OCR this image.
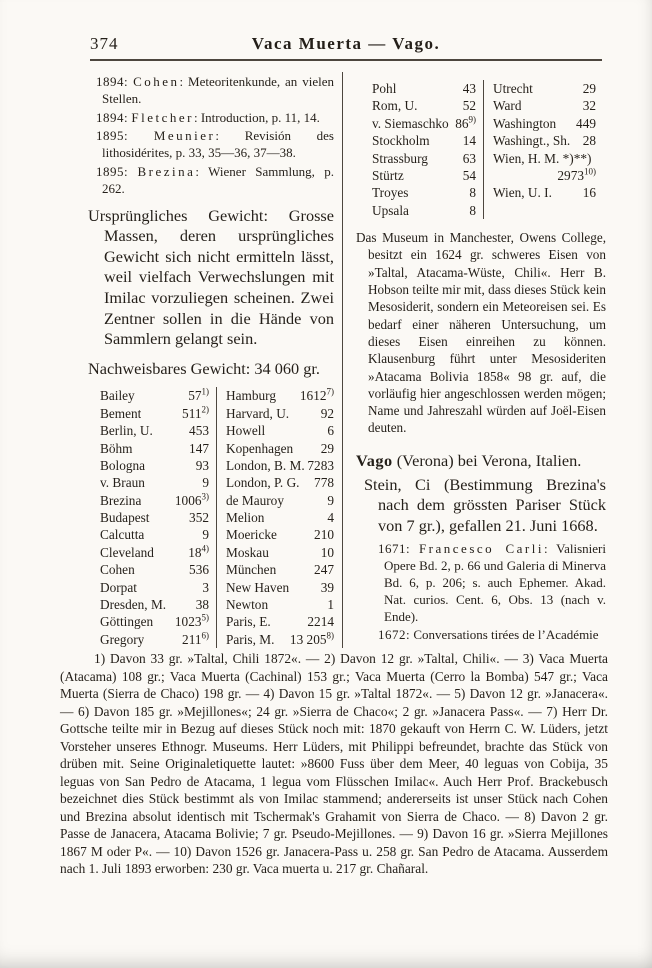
374	Vaca Muerta — Vago.

1894: Cohen: Meteoritenkunde, an vielen Stellen.

1894: Fletcher: Introduction, p. 11, 14.

1895: Meunier: Revisión des lithosidérites, p. 33, 35—36, 37—38.

1895: Brezina: Wiener Sammlung, p. 262.

Ursprüngliches Gewicht: Grosse Massen, deren ursprüngliches Gewicht sich nicht ermitteln lässt, weil vielfach Verwechslungen mit Imilac vorzuliegen scheinen. Zwei Zentner sollen in die Hände von Sammlern gelangt sein.

Nachweisbares Gewicht: 34 060 gr.

Bailey	57$^{1)}$
Bement	511$^{2)}$
Berlin, U.	453
Böhm	147
Bologna	93
v. Braun	9
Brezina	1006$^{3)}$
Budapest	352
Calcutta	9
Cleveland	18$^{4)}$
Cohen	536
Dorpat	3
Dresden, M. 38
Göttingen 1023$^{5)}$
Gregory	211$^{6)}$
Hamburg 1612$^{7)}$
Harvard, U. 92
Howell	6
Kopenhagen 29
London, B. M. 7283
London, P. G. 778
de Mauroy	9
Melion	4
Moericke	210
Moskau	10
München	247
New Haven 39
Newton	1
Paris, E.	2214
Paris, M. 13 205$^{8)}$
Pohl	43
Rom, U.	52
v. Siemaschko 86$^{9)}$
Stockholm 14
Strassburg	63
Stürtz	54
Troyes	8
Upsala	8
Utrecht	29
Ward	32
Washington 449
Washingt., Sh. 28
Wien, H. M. *)**)
2973$^{10)}$
Wien, U. I. 16

Das Museum in Manchester, Owens College, besitzt ein 1624 gr. schweres Eisen von »Taltal, Atacama-Wüste, Chili«. Herr B. Hobson teilte mir mit, dass dieses Stück kein Mesosiderit, sondern ein Meteoreisen sei. Es bedarf einer näheren Untersuchung, um dieses Eisen einreihen zu können. Klausenburg führt unter Mesosideriten »Atacama Bolivia 1858« 98 gr. auf, die vorläufig hier angeschlossen werden mögen; Name und Jahreszahl würden auf Joël-Eisen deuten.

Vago (Verona) bei Verona, Italien.

Stein, Ci (Bestimmung Brezina's nach dem grössten Pariser Stück von 7 gr.), gefallen 21. Juni 1668.

1671: Francesco Carli: Valisnieri Opere Bd. 2, p. 66 und Galeria di Minerva Bd. 6, p. 206; s. auch Ephemer. Akad. Nat. curios. Cent. 6, Obs. 13 (nach v. Ende).

1672: Conversations tirées de l’Académie

1) Davon 33 gr. »Taltal, Chili 1872«. — 2) Davon 12 gr. »Taltal, Chili«. — 3) Vaca Muerta (Atacama) 108 gr.; Vaca Muerta (Cachinal) 153 gr.; Vaca Muerta (Cerro la Bomba) 547 gr.; Vaca Muerta (Sierra de Chaco) 198 gr. — 4) Davon 15 gr. »Taltal 1872«. — 5) Davon 12 gr. »Janacera«. — 6) Davon 185 gr. »Mejillones«; 24 gr. »Sierra de Chaco«; 2 gr. »Janacera Pass«. — 7) Herr Dr. Gottsche teilte mir in Bezug auf dieses Stück noch mit: 1870 gekauft von Herrn C. W. Lüders, jetzt Vorsteher unseres Ethnogr. Museums. Herr Lüders, mit Philippi befreundet, brachte das Stück von drüben mit. Seine Originaletiquette lautet: »8600 Fuss über dem Meer, 40 leguas von Cobija, 35 leguas von San Pedro de Atacama, 1 legua vom Flüsschen Imilac«. Auch Herr Prof. Brackebusch bezeichnet dies Stück bestimmt als von Imilac stammend; andererseits ist unser Stück nach Cohen und Brezina absolut identisch mit Tschermak's Grahamit von Sierra de Chaco. — 8) Davon 2 gr. Passe de Janacera, Atacama Bolivie; 7 gr. Pseudo-Mejillones. — 9) Davon 16 gr. »Sierra Mejillones 1867 M oder P«. — 10) Davon 1526 gr. Janacera-Pass u. 258 gr. San Pedro de Atacama. Ausserdem nach 1. Juli 1893 erworben: 230 gr. Vaca muerta u. 217 gr. Chañaral.
